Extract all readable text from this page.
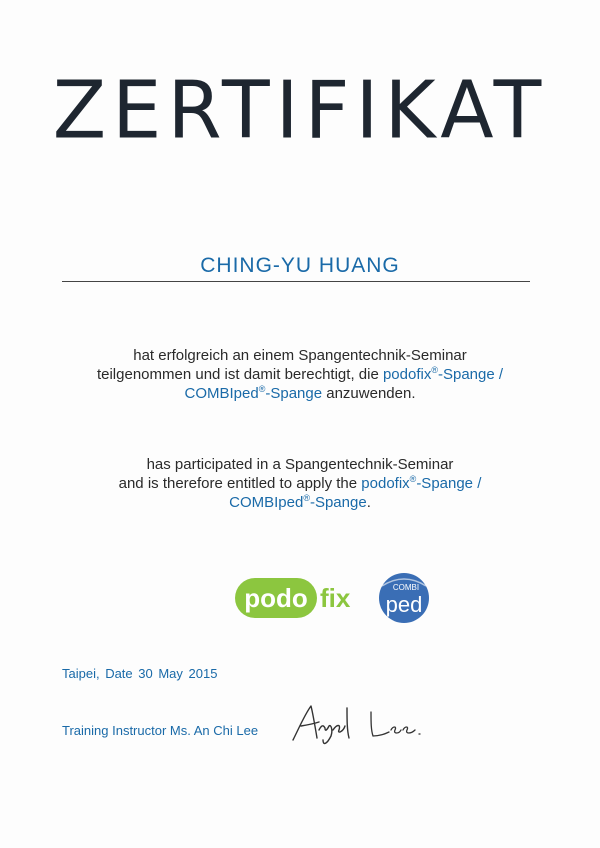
ZERTIFIKAT
CHING-YU HUANG
hat erfolgreich an einem Spangentechnik-Seminar
teilgenommen und ist damit berechtigt, die podofix®-Spange /
COMBIped®-Spange anzuwenden.
has participated in a Spangentechnik-Seminar
and is therefore entitled to apply the podofix®-Spange /
COMBIped®-Spange.
podo fix	COMBI
ped
Taipei, Date 30 May 2015
Training Instructor Ms. An Chi Lee
